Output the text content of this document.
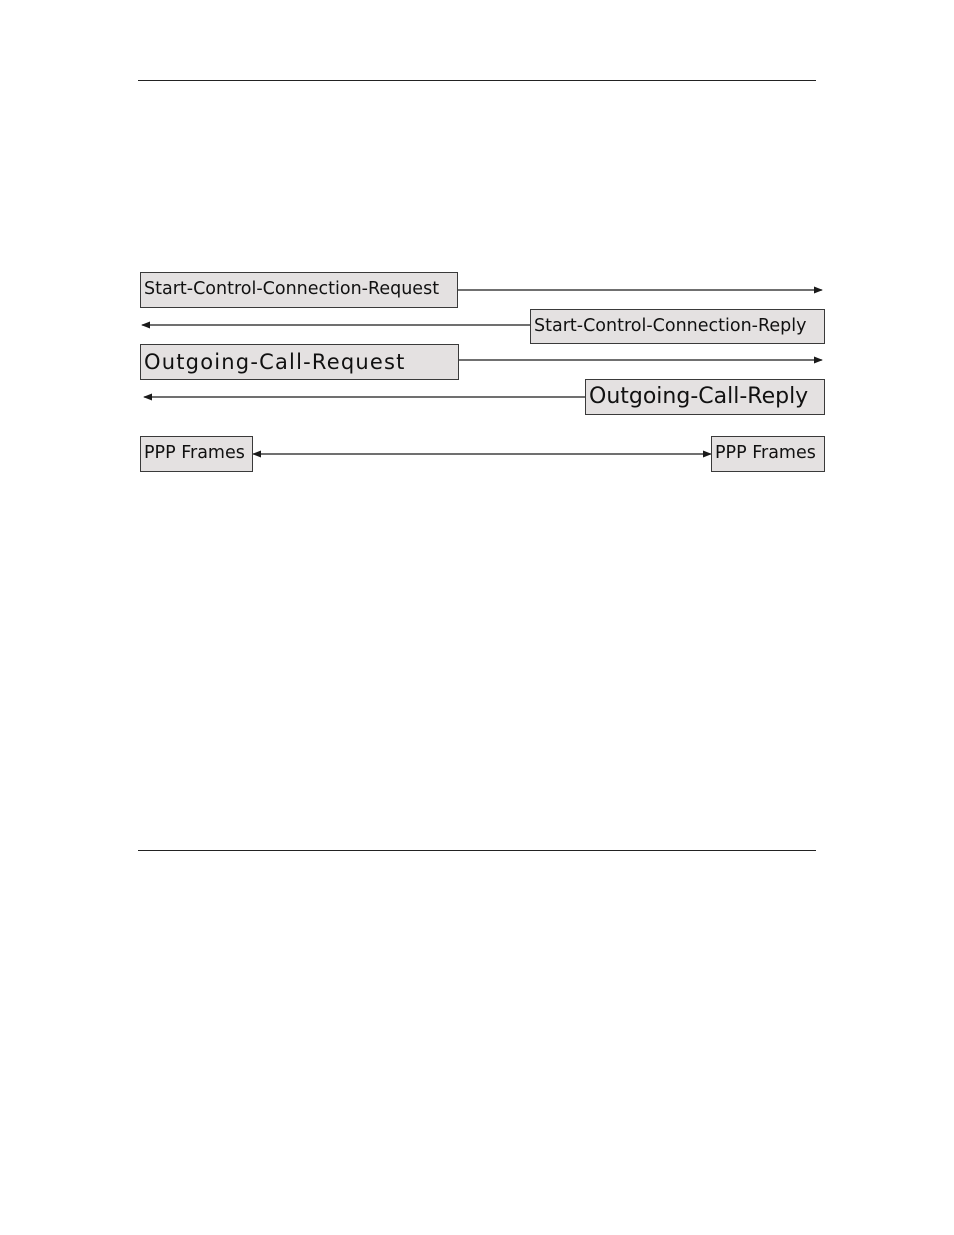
Start-Control-Connection-Request
Start-Control-Connection-Reply
Outgoing-Call-Request
Outgoing-Call-Reply
PPP Frames	PPP Frames
